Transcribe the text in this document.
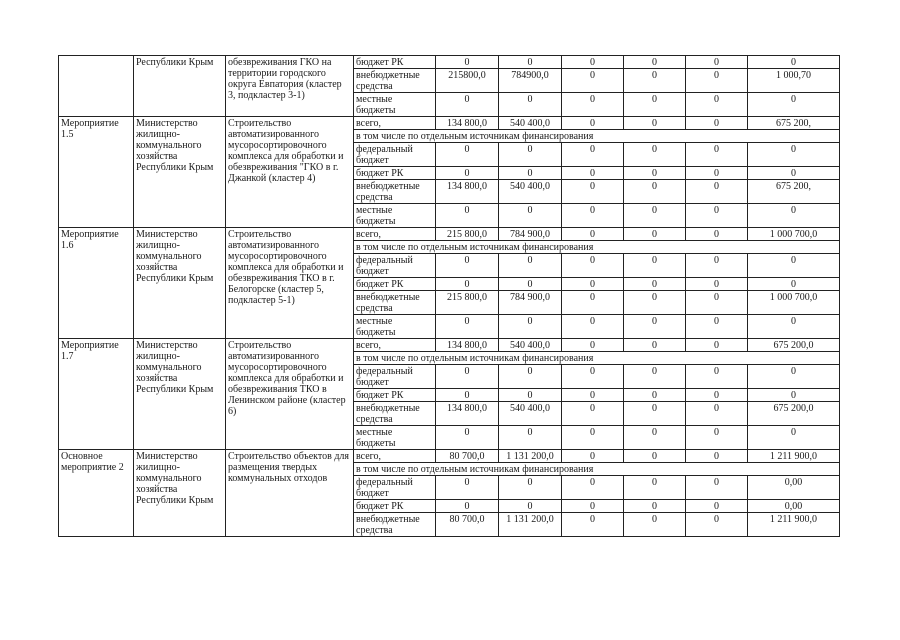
	Республики Крым	обезвреживания ГКО на территории городского округа Евпатория (кластер 3, подкластер 3-1)	бюджет РК	0	0	0	0	0	0
			внебюджетные средства	215800,0	784900,0	0	0	0	1 000,70
			местные бюджеты	0	0	0	0	0	0
Мероприятие 1.5	Министерство жилищно-коммунального хозяйства Республики Крым	Строительство автоматизированного мусоросортировочного комплекса для обработки и обезвреживания "ГКО в г. Джанкой (кластер 4)	всего,	134 800,0	540 400,0	0	0	0	675 200,
			в том числе по отдельным источникам финансирования						
			федеральный бюджет	0	0	0	0	0	0
			бюджет РК	0	0	0	0	0	0
			внебюджетные средства	134 800,0	540 400,0	0	0	0	675 200,
			местные бюджеты	0	0	0	0	0	0
Мероприятие 1.6	Министерство жилищно-коммунального хозяйства Республики Крым	Строительство автоматизированного мусоросортировочного комплекса для обработки и обезвреживания ТКО в г. Белогорске (кластер 5, подкластер 5-1)	всего,	215 800,0	784 900,0	0	0	0	1 000 700,0
			в том числе по отдельным источникам финансирования						
			федеральный бюджет	0	0	0	0	0	0
			бюджет РК	0	0	0	0	0	0
			внебюджетные средства	215 800,0	784 900,0	0	0	0	1 000 700,0
			местные бюджеты	0	0	0	0	0	0
Мероприятие 1.7	Министерство жилищно-коммунального хозяйства Республики Крым	Строительство автоматизированного мусоросортировочного комплекса для обработки и обезвреживания ТКО в Ленинском районе (кластер 6)	всего,	134 800,0	540 400,0	0	0	0	675 200,0
			в том числе по отдельным источникам финансирования						
			федеральный бюджет	0	0	0	0	0	0
			бюджет РК	0	0	0	0	0	0
			внебюджетные средства	134 800,0	540 400,0	0	0	0	675 200,0
			местные бюджеты	0	0	0	0	0	0
Основное мероприятие 2	Министерство жилищно-коммунального хозяйства Республики Крым	Строительство объектов для размещения твердых коммунальных отходов	всего,	80 700,0	1 131 200,0	0	0	0	1 211 900,0
			в том числе по отдельным источникам финансирования						
			федеральный бюджет	0	0	0	0	0	0,00
			бюджет РК	0	0	0	0	0	0,00
			внебюджетные средства	80 700,0	1 131 200,0	0	0	0	1 211 900,0
